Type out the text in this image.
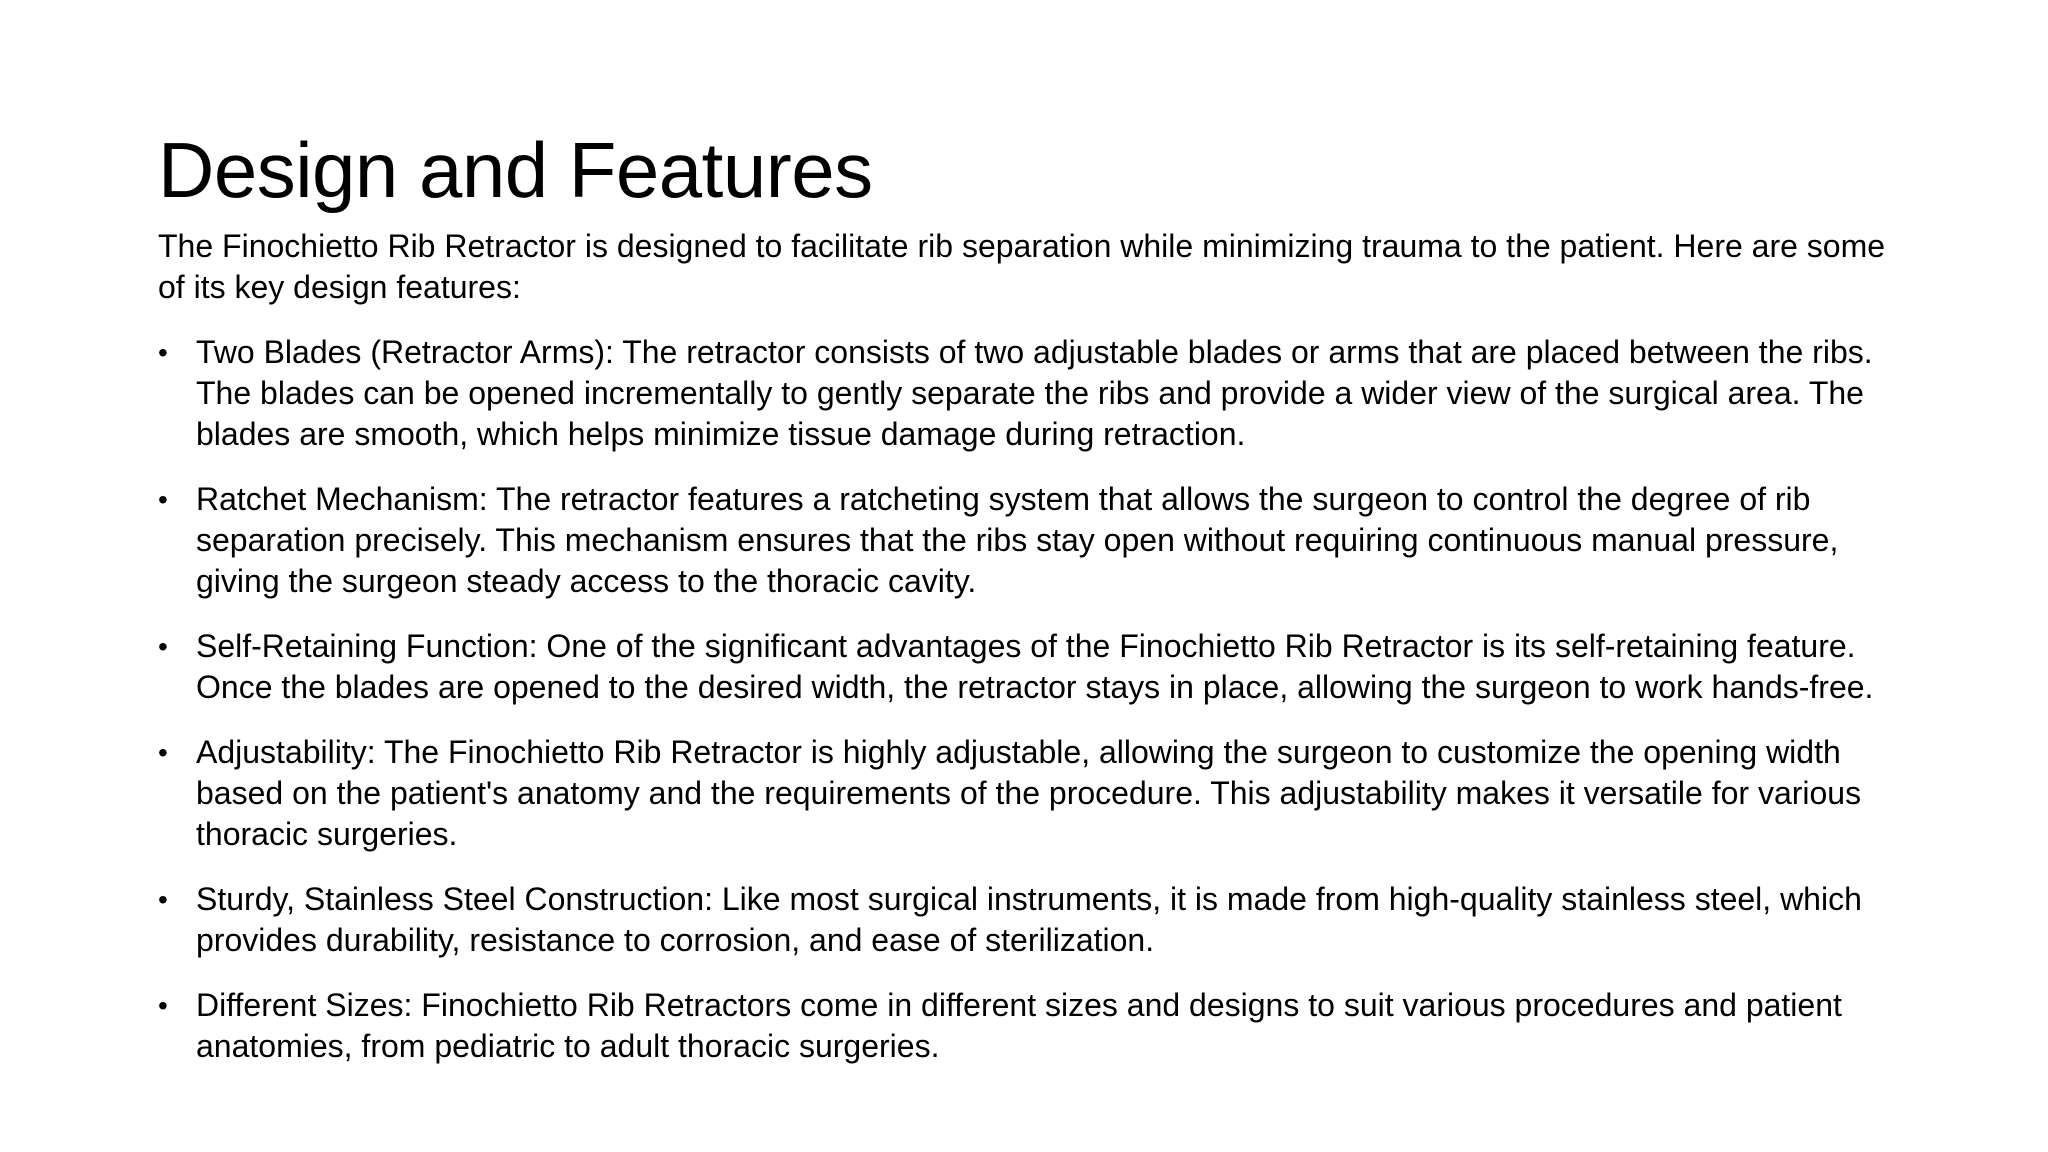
Design and Features

The Finochietto Rib Retractor is designed to facilitate rib separation while minimizing trauma to the patient. Here are some of its key design features:

• Two Blades (Retractor Arms): The retractor consists of two adjustable blades or arms that are placed between the ribs. The blades can be opened incrementally to gently separate the ribs and provide a wider view of the surgical area. The blades are smooth, which helps minimize tissue damage during retraction.
• Ratchet Mechanism: The retractor features a ratcheting system that allows the surgeon to control the degree of rib separation precisely. This mechanism ensures that the ribs stay open without requiring continuous manual pressure, giving the surgeon steady access to the thoracic cavity.
• Self-Retaining Function: One of the significant advantages of the Finochietto Rib Retractor is its self-retaining feature. Once the blades are opened to the desired width, the retractor stays in place, allowing the surgeon to work hands-free.
• Adjustability: The Finochietto Rib Retractor is highly adjustable, allowing the surgeon to customize the opening width based on the patient's anatomy and the requirements of the procedure. This adjustability makes it versatile for various thoracic surgeries.
• Sturdy, Stainless Steel Construction: Like most surgical instruments, it is made from high-quality stainless steel, which provides durability, resistance to corrosion, and ease of sterilization.
• Different Sizes: Finochietto Rib Retractors come in different sizes and designs to suit various procedures and patient anatomies, from pediatric to adult thoracic surgeries.
